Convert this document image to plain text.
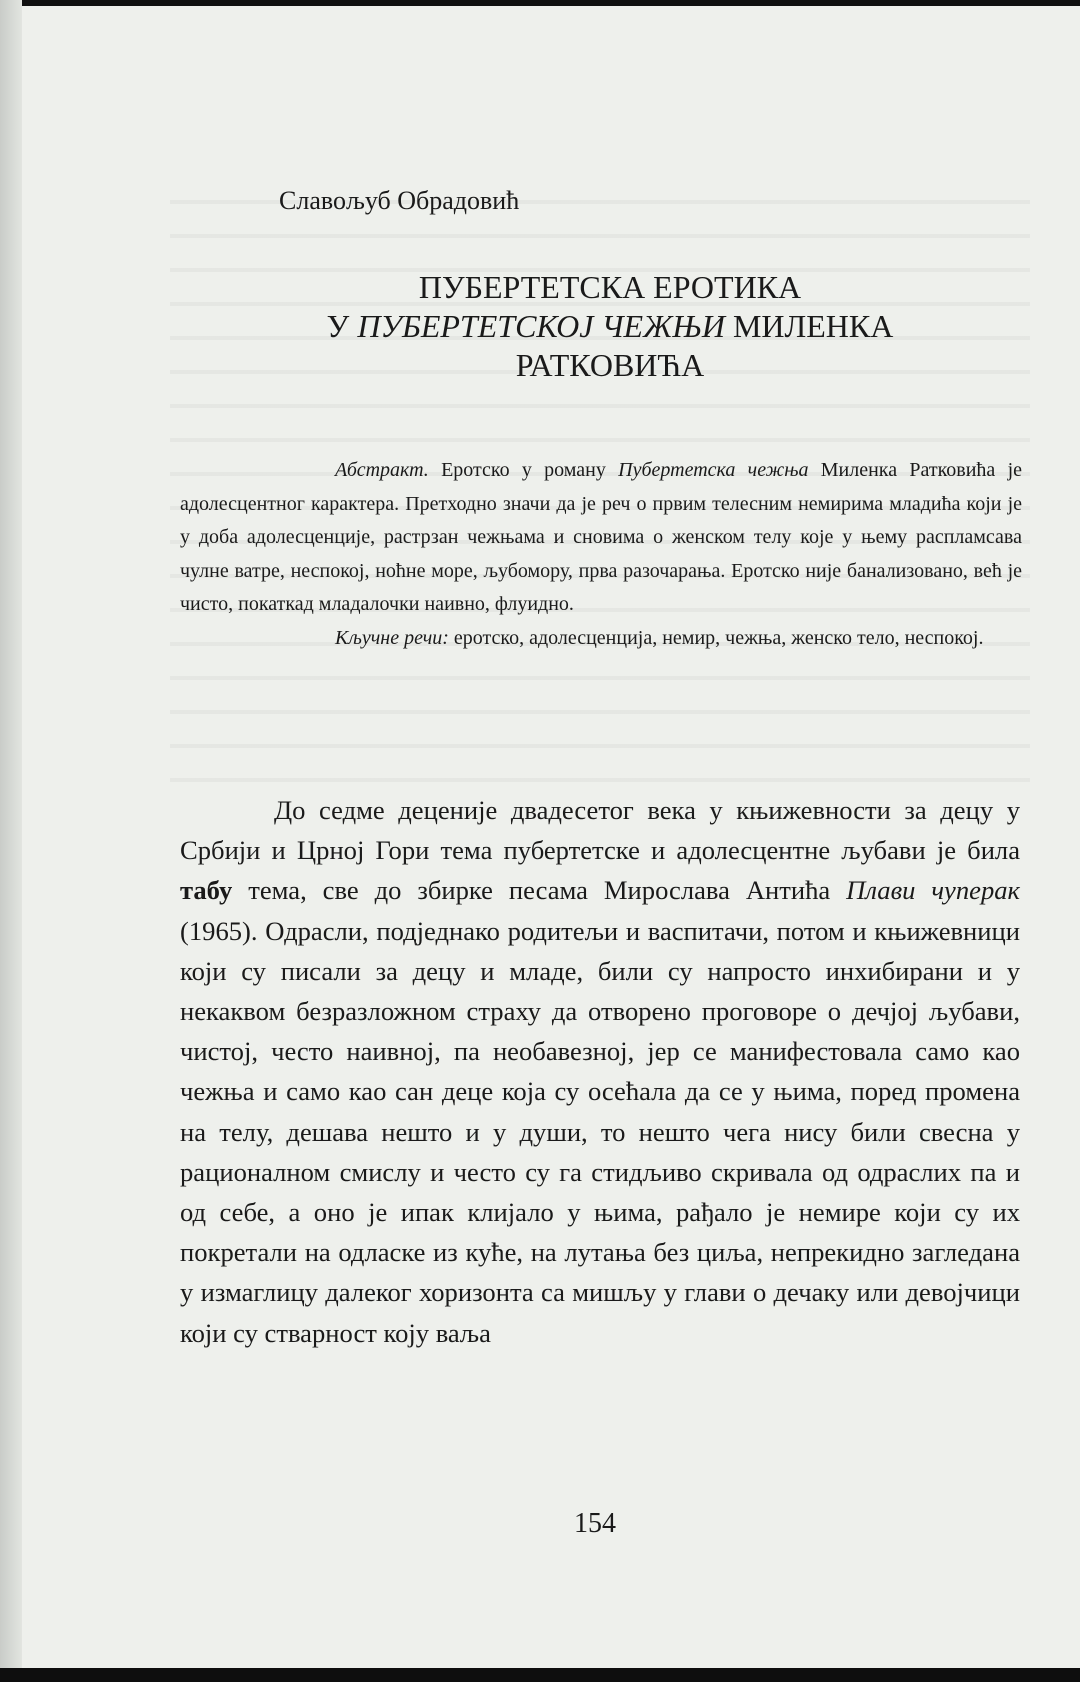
Славољуб Обрадовић
ПУБЕРТЕТСКА ЕРОТИКА
У ПУБЕРТЕТСКОЈ ЧЕЖЊИ МИЛЕНКА
РАТКОВИЋА

Абстракт. Еротско у роману Пубертетска чежња Миленка Ратковића је адолесцентног карактера. Претходно значи да је реч о првим телесним немирима младића који је у доба адолесценције, растрзан чежњама и сновима о женском телу које у њему распламсава чулне ватре, неспокој, ноћне море, љубомору, прва разочарања. Еротско није банализовано, већ је чисто, покаткад младалочки наивно, флуидно.

Кључне речи: еротско, адолесценција, немир, чежња, женско тело, неспокој.

До седме деценије двадесетог века у књижевности за децу у Србији и Црној Гори тема пубертетске и адолесцентне љубави је била табу тема, све до збирке песама Мирослава Антића Плави чуперак (1965). Одрасли, подједнако родитељи и васпитачи, потом и књижевници који су писали за децу и младе, били су напросто инхибирани и у некаквом безразложном страху да отворено проговоре о дечјој љубави, чистој, често наивној, па необавезној, јер се манифестовала само као чежња и само као сан деце која су осећала да се у њима, поред промена на телу, дешава нешто и у души, то нешто чега нису били свесна у рационалном смислу и често су га стидљиво скривала од одраслих па и од себе, а оно је ипак клијало у њима, рађало је немире који су их покретали на одласке из куће, на лутања без циља, непрекидно загледана у измаглицу далеког хоризонта са мишљу у глави о дечаку или девојчици који су стварност коју ваља

154
